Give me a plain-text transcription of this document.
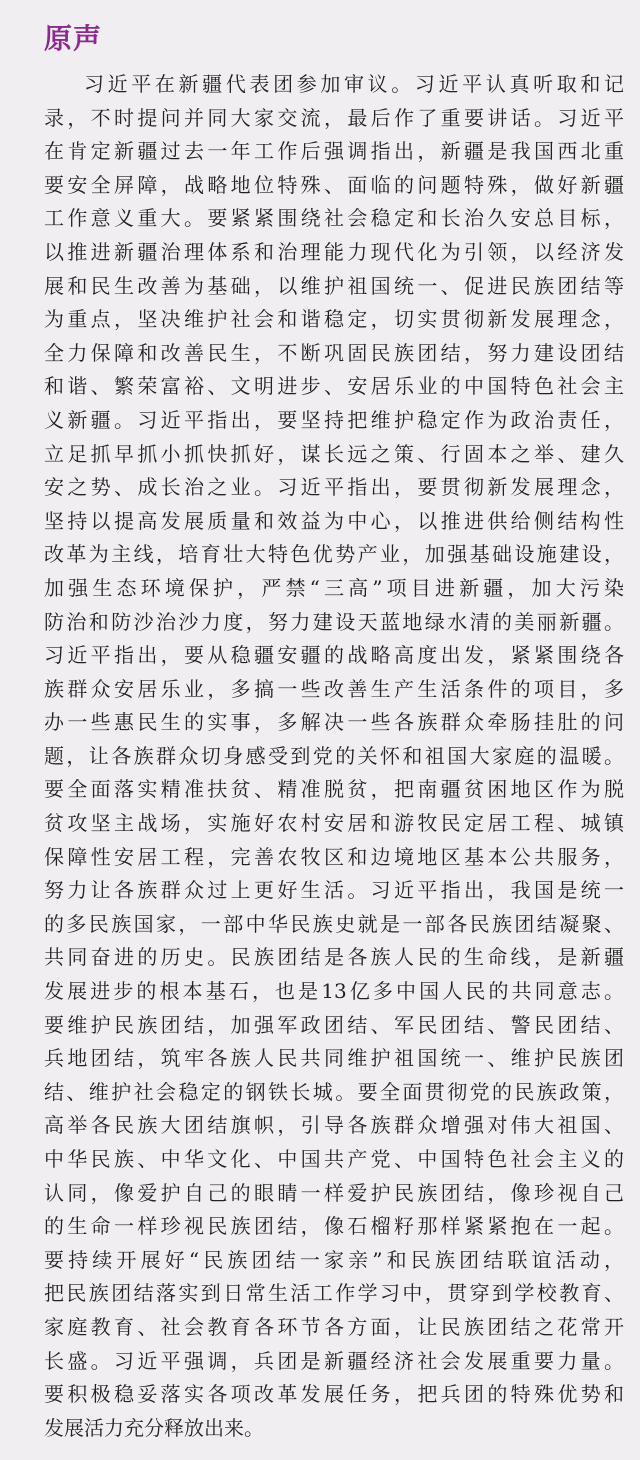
原声
习近平在新疆代表团参加审议。习近平认真听取和记
录，不时提问并同大家交流，最后作了重要讲话。习近平
在肯定新疆过去一年工作后强调指出，新疆是我国西北重
要安全屏障，战略地位特殊、面临的问题特殊，做好新疆
工作意义重大。要紧紧围绕社会稳定和长治久安总目标，
以推进新疆治理体系和治理能力现代化为引领，以经济发
展和民生改善为基础，以维护祖国统一、促进民族团结等
为重点，坚决维护社会和谐稳定，切实贯彻新发展理念，
全力保障和改善民生，不断巩固民族团结，努力建设团结
和谐、繁荣富裕、文明进步、安居乐业的中国特色社会主
义新疆。习近平指出，要坚持把维护稳定作为政治责任，
立足抓早抓小抓快抓好，谋长远之策、行固本之举、建久
安之势、成长治之业。习近平指出，要贯彻新发展理念，
坚持以提高发展质量和效益为中心，以推进供给侧结构性
改革为主线，培育壮大特色优势产业，加强基础设施建设，
加强生态环境保护，严禁“三高”项目进新疆，加大污染
防治和防沙治沙力度，努力建设天蓝地绿水清的美丽新疆。
习近平指出，要从稳疆安疆的战略高度出发，紧紧围绕各
族群众安居乐业，多搞一些改善生产生活条件的项目，多
办一些惠民生的实事，多解决一些各族群众牵肠挂肚的问
题，让各族群众切身感受到党的关怀和祖国大家庭的温暖。
要全面落实精准扶贫、精准脱贫，把南疆贫困地区作为脱
贫攻坚主战场，实施好农村安居和游牧民定居工程、城镇
保障性安居工程，完善农牧区和边境地区基本公共服务，
努力让各族群众过上更好生活。习近平指出，我国是统一
的多民族国家，一部中华民族史就是一部各民族团结凝聚、
共同奋进的历史。民族团结是各族人民的生命线，是新疆
发展进步的根本基石，也是13亿多中国人民的共同意志。
要维护民族团结，加强军政团结、军民团结、警民团结、
兵地团结，筑牢各族人民共同维护祖国统一、维护民族团
结、维护社会稳定的钢铁长城。要全面贯彻党的民族政策，
高举各民族大团结旗帜，引导各族群众增强对伟大祖国、
中华民族、中华文化、中国共产党、中国特色社会主义的
认同，像爱护自己的眼睛一样爱护民族团结，像珍视自己
的生命一样珍视民族团结，像石榴籽那样紧紧抱在一起。
要持续开展好“民族团结一家亲”和民族团结联谊活动，
把民族团结落实到日常生活工作学习中，贯穿到学校教育、
家庭教育、社会教育各环节各方面，让民族团结之花常开
长盛。习近平强调，兵团是新疆经济社会发展重要力量。
要积极稳妥落实各项改革发展任务，把兵团的特殊优势和
发展活力充分释放出来。
